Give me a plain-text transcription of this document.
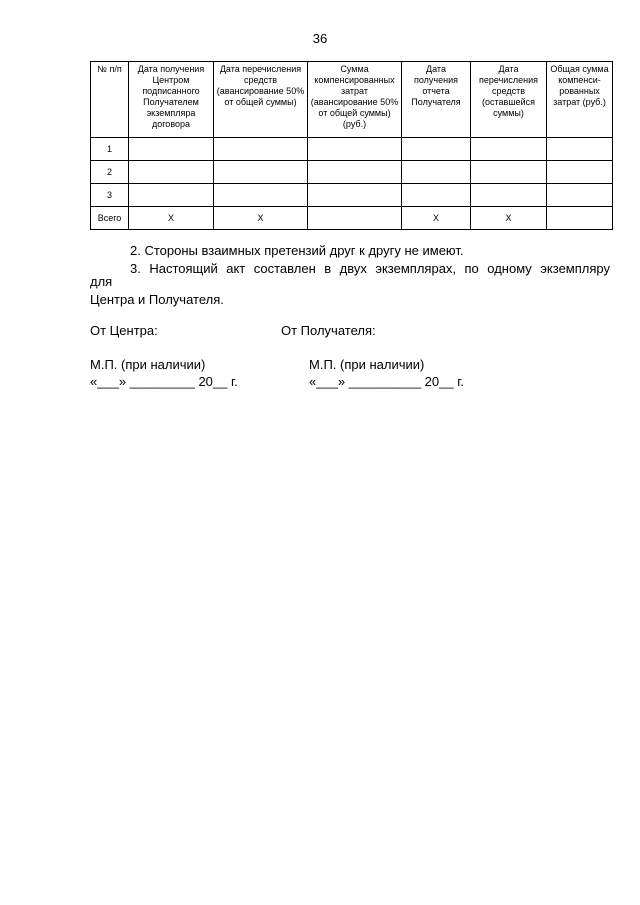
36
№ п/п	Дата получения Центром подписанного Получателем экземпляра договора	Дата перечисления средств (авансирование 50% от общей суммы)	Сумма компенсированных затрат (авансирование 50% от общей суммы) (руб.)	Дата получения отчета Получателя	Дата перечисления средств (оставшейся суммы)	Общая сумма компенси-рованных затрат (руб.)
1						
2						
3						
Всего	Х	Х		Х	Х	
2. Стороны взаимных претензий друг к другу не имеют.
3. Настоящий акт составлен в двух экземплярах, по одному экземпляру
для
Центра и Получателя.
От Центра:	От Получателя:
М.П. (при наличии)	М.П. (при наличии)
«___» _________ 20__ г.	«___» __________ 20__ г.
